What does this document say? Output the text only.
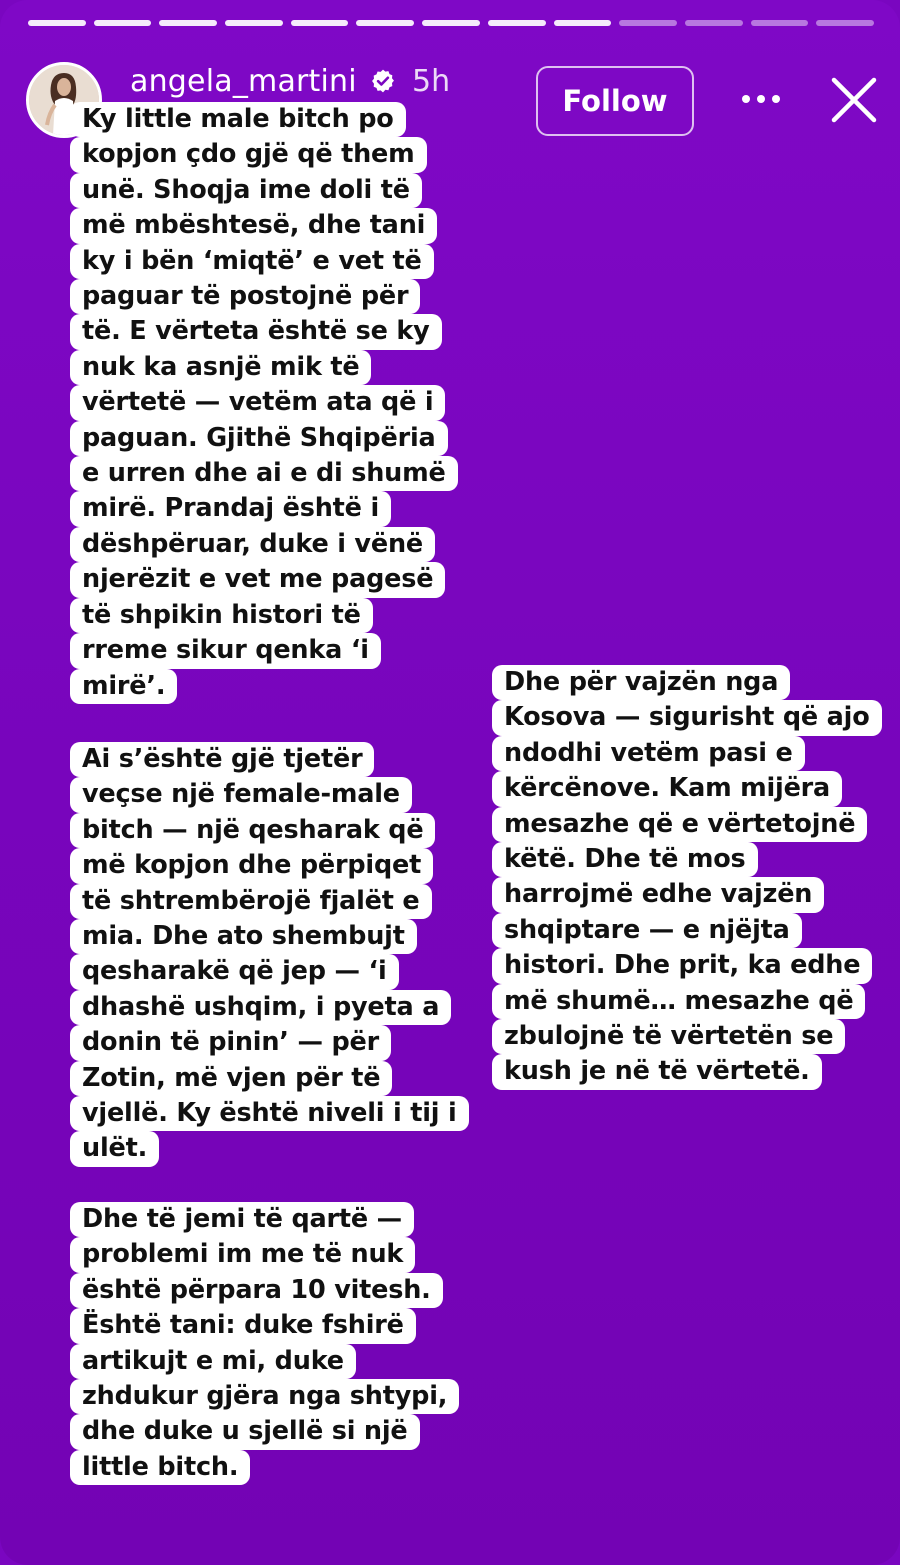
angela_martini 5h
Follow
Ky little male bitch po
kopjon çdo gjë që them
unë. Shoqja ime doli të
më mbështesë, dhe tani
ky i bën ‘miqtë’ e vet të
paguar të postojnë për
të. E vërteta është se ky
nuk ka asnjë mik të
vërtetë — vetëm ata që i
paguan. Gjithë Shqipëria
e urren dhe ai e di shumë
mirë. Prandaj është i
dëshpëruar, duke i vënë
njerëzit e vet me pagesë
të shpikin histori të
rreme sikur qenka ‘i
mirë’.
Ai s’është gjë tjetër
veçse një female-male
bitch — një qesharak që
më kopjon dhe përpiqet
të shtrembërojë fjalët e
mia. Dhe ato shembujt
qesharakë që jep — ‘i
dhashë ushqim, i pyeta a
donin të pinin’ — për
Zotin, më vjen për të
vjellë. Ky është niveli i tij i
ulët.
Dhe të jemi të qartë —
problemi im me të nuk
është përpara 10 vitesh.
Është tani: duke fshirë
artikujt e mi, duke
zhdukur gjëra nga shtypi,
dhe duke u sjellë si një
little bitch.
Dhe për vajzën nga
Kosova — sigurisht që ajo
ndodhi vetëm pasi e
kërcënove. Kam mijëra
mesazhe që e vërtetojnë
këtë. Dhe të mos
harrojmë edhe vajzën
shqiptare — e njëjta
histori. Dhe prit, ka edhe
më shumë… mesazhe që
zbulojnë të vërtetën se
kush je në të vërtetë.
